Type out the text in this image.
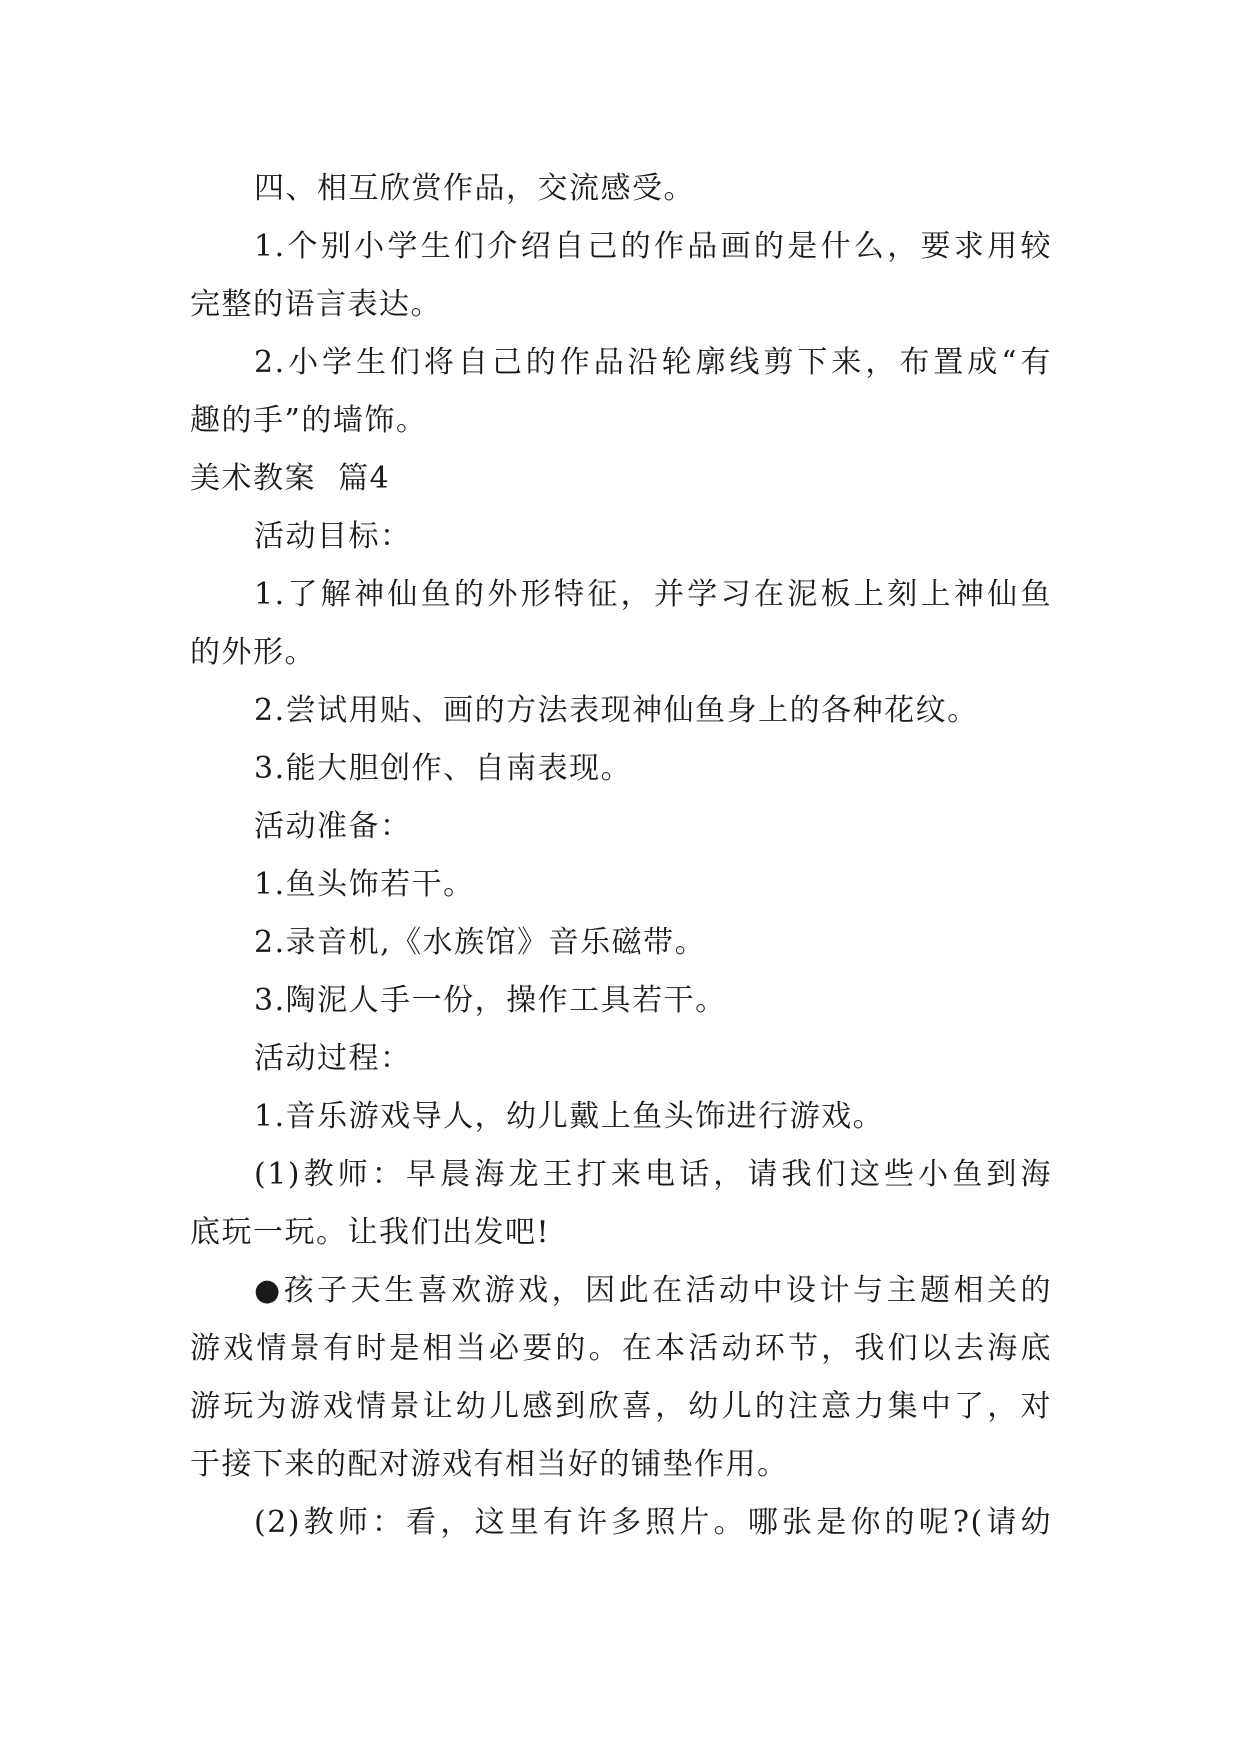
四、相互欣赏作品，交流感受。

1.个别小学生们介绍自己的作品画的是什么，要求用较
完整的语言表达。

2.小学生们将自己的作品沿轮廓线剪下来，布置成“有
趣的手”的墙饰。

美术教案  篇4

活动目标：

1.了解神仙鱼的外形特征，并学习在泥板上刻上神仙鱼
的外形。

2.尝试用贴、画的方法表现神仙鱼身上的各种花纹。

3.能大胆创作、自南表现。

活动准备：

1.鱼头饰若干。

2.录音机,《水族馆》音乐磁带。

3.陶泥人手一份，操作工具若干。

活动过程：

1.音乐游戏导人，幼儿戴上鱼头饰进行游戏。

(1)教师：早晨海龙王打来电话，请我们这些小鱼到海
底玩一玩。让我们出发吧!

●孩子天生喜欢游戏，因此在活动中设计与主题相关的
游戏情景有时是相当必要的。在本活动环节，我们以去海底
游玩为游戏情景让幼儿感到欣喜，幼儿的注意力集中了，对
于接下来的配对游戏有相当好的铺垫作用。

(2)教师：看，这里有许多照片。哪张是你的呢?(请幼
